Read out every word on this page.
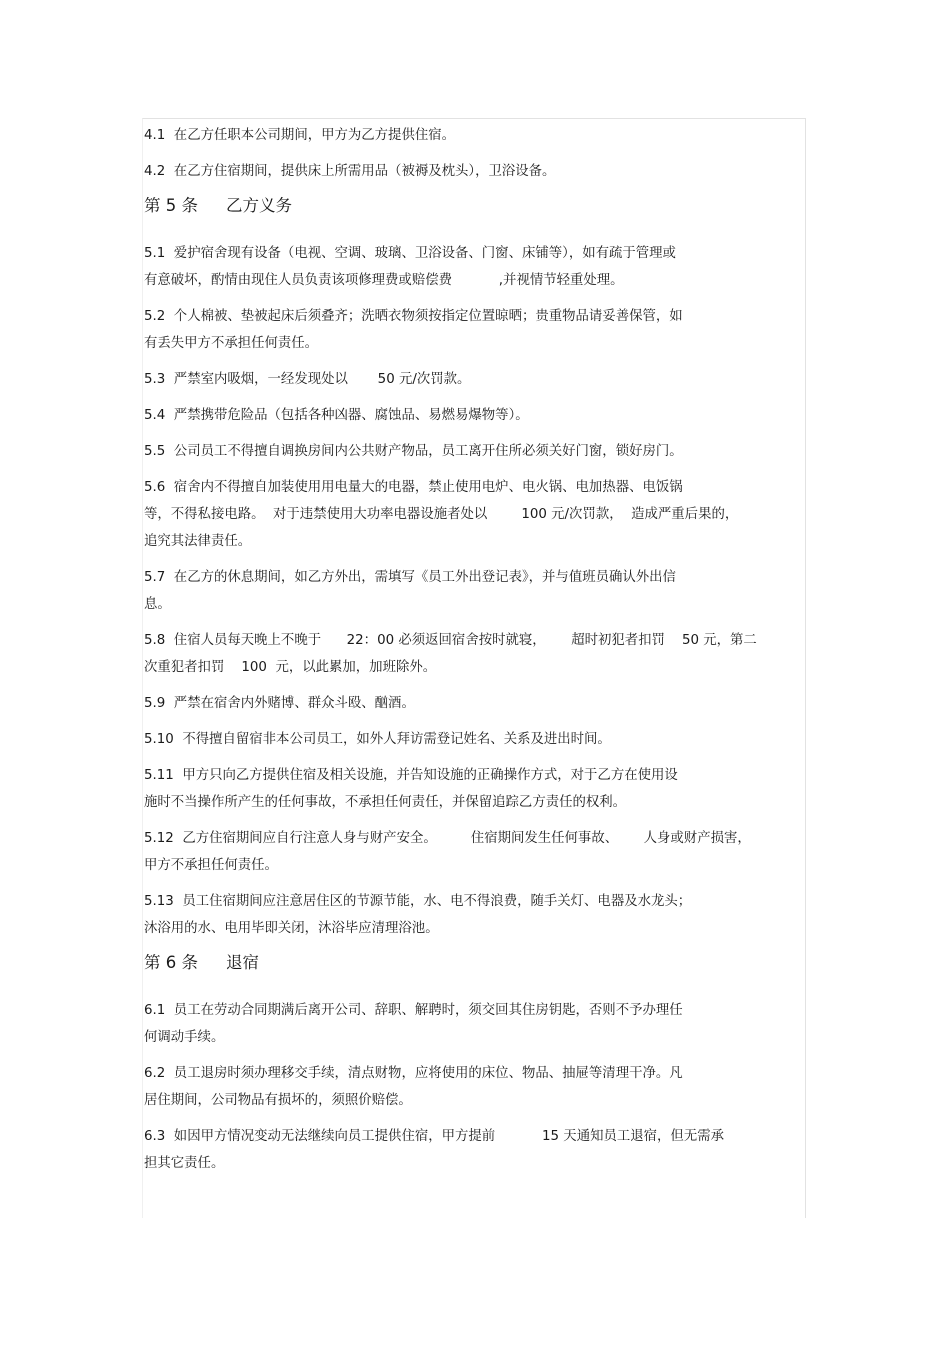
4.1  在乙方任职本公司期间，甲方为乙方提供住宿。
4.2  在乙方住宿期间，提供床上所需用品（被褥及枕头），卫浴设备。
第 5 条 乙方义务
5.1  爱护宿舍现有设备（电视、空调、玻璃、卫浴设备、门窗、床铺等），如有疏于管理或
有意破坏，酌情由现住人员负责该项修理费或赔偿费           ,并视情节轻重处理。
5.2  个人棉被、垫被起床后须叠齐；洗晒衣物须按指定位置晾晒；贵重物品请妥善保管，如
有丢失甲方不承担任何责任。
5.3  严禁室内吸烟，一经发现处以       50 元/次罚款。
5.4  严禁携带危险品（包括各种凶器、腐蚀品、易燃易爆物等）。
5.5  公司员工不得擅自调换房间内公共财产物品，员工离开住所必须关好门窗，锁好房门。
5.6  宿舍内不得擅自加装使用用电量大的电器，禁止使用电炉、电火锅、电加热器、电饭锅
等，不得私接电路。  对于违禁使用大功率电器设施者处以        100 元/次罚款，  造成严重后果的，
追究其法律责任。
5.7  在乙方的休息期间，如乙方外出，需填写《员工外出登记表》，并与值班员确认外出信
息。
5.8  住宿人员每天晚上不晚于      22：00 必须返回宿舍按时就寝，      超时初犯者扣罚    50 元，第二
次重犯者扣罚    100  元，以此累加，加班除外。
5.9  严禁在宿舍内外赌博、群众斗殴、酗酒。
5.10  不得擅自留宿非本公司员工，如外人拜访需登记姓名、关系及进出时间。
5.11  甲方只向乙方提供住宿及相关设施，并告知设施的正确操作方式，对于乙方在使用设
施时不当操作所产生的任何事故，不承担任何责任，并保留追踪乙方责任的权利。
5.12  乙方住宿期间应自行注意人身与财产安全。        住宿期间发生任何事故、      人身或财产损害，
甲方不承担任何责任。
5.13  员工住宿期间应注意居住区的节源节能，水、电不得浪费，随手关灯、电器及水龙头；
沐浴用的水、电用毕即关闭，沐浴毕应清理浴池。
第 6 条 退宿
6.1  员工在劳动合同期满后离开公司、辞职、解聘时，须交回其住房钥匙，否则不予办理任
何调动手续。
6.2  员工退房时须办理移交手续，清点财物，应将使用的床位、物品、抽屉等清理干净。凡
居住期间，公司物品有损坏的，须照价赔偿。
6.3  如因甲方情况变动无法继续向员工提供住宿，甲方提前           15 天通知员工退宿，但无需承
担其它责任。
